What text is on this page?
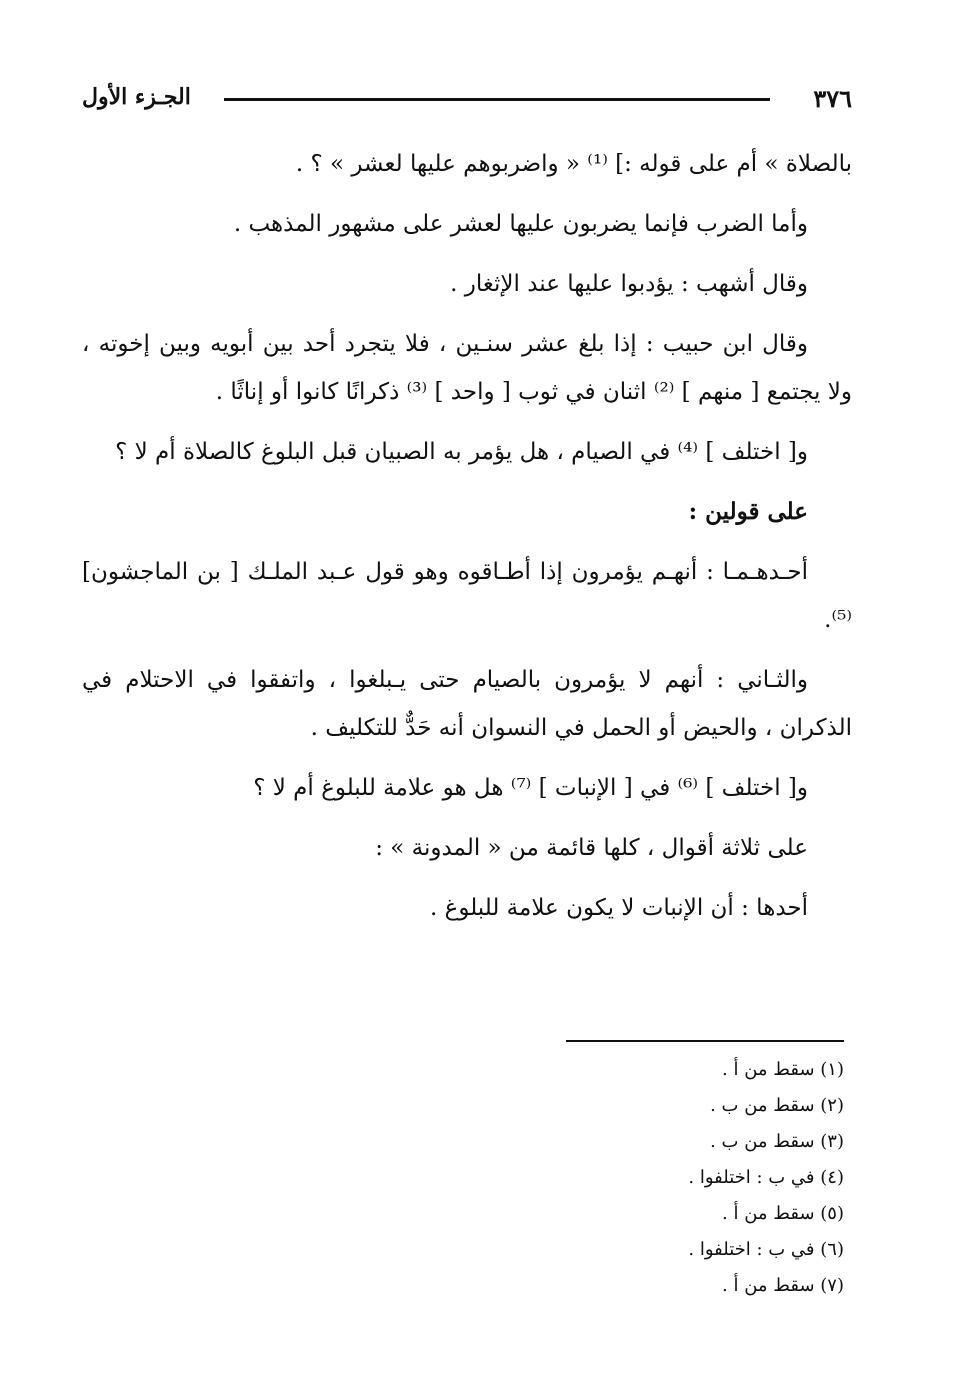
٣٧٦
الجـزء الأول

بالصلاة » أم على قوله :] ⁽¹⁾ « واضربوهم عليها لعشر » ؟ .

وأما الضرب فإنما يضربون عليها لعشر على مشهور المذهب .

وقال أشهب : يؤدبوا عليها عند الإثغار .

وقال ابن حبيب : إذا بلغ عشر سنـين ، فلا يتجرد أحد بين أبويه وبين إخوته ، ولا يجتمع [ منهم ] ⁽²⁾ اثنان في ثوب [ واحد ] ⁽³⁾ ذكرانًا كانوا أو إناثًا .

و[ اختلف ] ⁽⁴⁾ في الصيام ، هل يؤمر به الصبيان قبل البلوغ كالصلاة أم لا ؟

على قولين :

أحـدهـمـا : أنهـم يؤمرون إذا أطـاقوه وهو قول عـبد الملـك [ بن الماجشون]⁽⁵⁾.

والثـاني : أنهم لا يؤمرون بالصيام حتى يـبلغوا ، واتفقوا في الاحتلام في الذكران ، والحيض أو الحمل في النسوان أنه حَدٌّ للتكليف .

و[ اختلف ] ⁽⁶⁾ في [ الإنبات ] ⁽⁷⁾ هل هو علامة للبلوغ أم لا ؟

على ثلاثة أقوال ، كلها قائمة من « المدونة » :

أحدها : أن الإنبات لا يكون علامة للبلوغ .

(١) سقط من أ .
(٢) سقط من ب .
(٣) سقط من ب .
(٤) في ب : اختلفوا .
(٥) سقط من أ .
(٦) في ب : اختلفوا .
(٧) سقط من أ .
